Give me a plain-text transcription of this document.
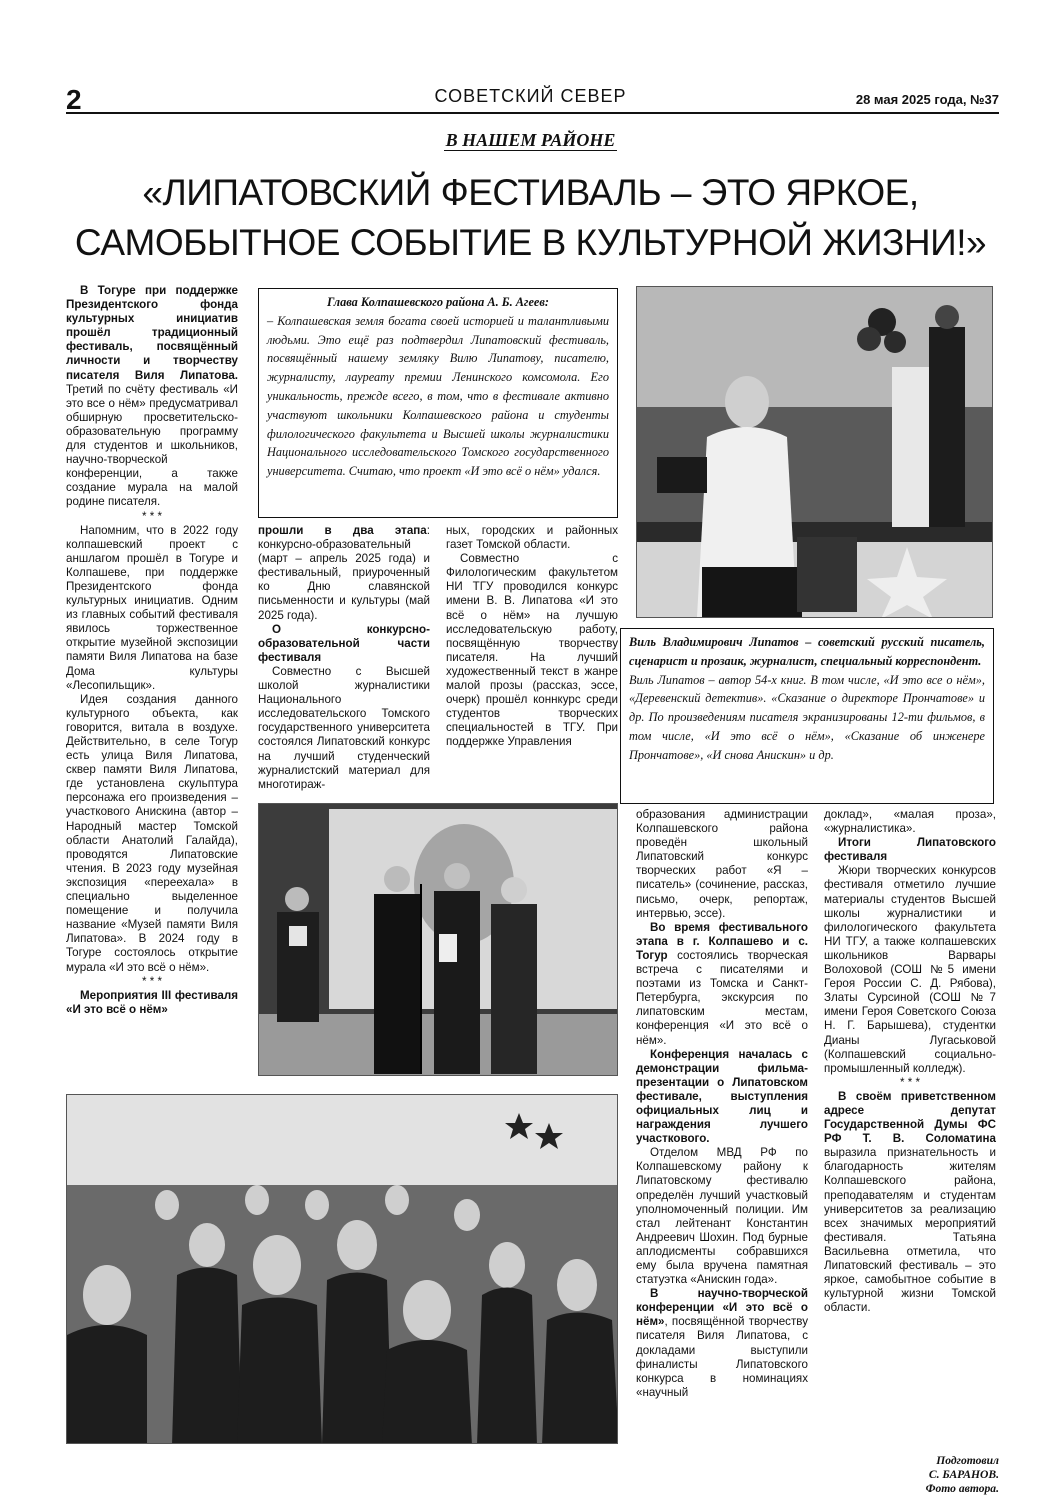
2	СОВЕТСКИЙ СЕВЕР	28 мая 2025 года, №37
В НАШЕМ РАЙОНЕ
«ЛИПАТОВСКИЙ ФЕСТИВАЛЬ – ЭТО ЯРКОЕ, САМОБЫТНОЕ СОБЫТИЕ В КУЛЬТУРНОЙ ЖИЗНИ!»

В Тогуре при поддержке Президентского фонда культурных инициатив прошёл традиционный фестиваль, посвящённый личности и творчеству писателя Виля Липатова. Третий по счёту фестиваль «И это все о нём» предусматривал обширную просветительско-образовательную программу для студентов и школьников, научно-творческой конференции, а также создание мурала на малой родине писателя.

* * *

Напомним, что в 2022 году колпашевский проект с аншлагом прошёл в Тогуре и Колпашеве, при поддержке Президентского фонда культурных инициатив. Одним из главных событий фестиваля явилось торжественное открытие музейной экспозиции памяти Виля Липатова на базе Дома культуры «Лесопильщик».

Идея создания данного культурного объекта, как говорится, витала в воздухе. Действительно, в селе Тогур есть улица Виля Липатова, сквер памяти Виля Липатова, где установлена скульптура персонажа его произведения – участкового Анискина (автор – Народный мастер Томской области Анатолий Галайда), проводятся Липатовские чтения. В 2023 году музейная экспозиция «переехала» в специально выделенное помещение и получила название «Музей памяти Виля Липатова». В 2024 году в Тогуре состоялось открытие мурала «И это всё о нём».

* * *

Мероприятия III фестиваля «И это всё о нём»

Глава Колпашевского района А. Б. Агеев:

– Колпашевская земля богата своей историей и талантливыми людьми. Это ещё раз подтвердил Липатовский фестиваль, посвящённый нашему земляку Вилю Липатову, писателю, журналисту, лауреату премии Ленинского комсомола. Его уникальность, прежде всего, в том, что в фестивале активно участвуют школьники Колпашевского района и студенты филологического факультета и Высшей школы журналистики Национального исследовательского Томского государственного университета. Считаю, что проект «И это всё о нём» удался.

прошли в два этапа: конкурсно-образовательный (март – апрель 2025 года) и фестивальный, приуроченный ко Дню славянской письменности и культуры (май 2025 года).

О конкурсно-образовательной части фестиваля

Совместно с Высшей школой журналистики Национального исследовательского Томского государственного университета состоялся Липатовский конкурс на лучший студенческий журналистский материал для многотираж-

ных, городских и районных газет Томской области.

Совместно с Филологическим факультетом НИ ТГУ проводился конкурс имени В. В. Липатова «И это всё о нём» на лучшую исследовательскую работу, посвящённую творчеству писателя. На лучший художественный текст в жанре малой прозы (рассказ, эссе, очерк) прошёл коннкурс среди студентов творческих специальностей в ТГУ. При поддержке Управления

Виль Владимирович Липатов – советский русский писатель, сценарист и прозаик, журналист, специальный корреспондент.

Виль Липатов – автор 54-х книг. В том числе, «И это все о нём», «Деревенский детектив». «Сказание о директоре Прончатове» и др. По произведениям писателя экранизированы 12-ти фильмов, в том числе, «И это всё о нём», «Сказание об инженере Прончатове», «И снова Анискин» и др.

образования администрации Колпашевского района проведён школьный Липатовский конкурс творческих работ «Я – писатель» (сочинение, рассказ, письмо, очерк, репортаж, интервью, эссе).

Во время фестивального этапа в г. Колпашево и с. Тогур состоялись творческая встреча с писателями и поэтами из Томска и Санкт-Петербурга, экскурсия по липатовским местам, конференция «И это всё о нём».

Конференция началась с демонстрации фильма-презентации о Липатовском фестивале, выступления официальных лиц и награждения лучшего участкового.

Отделом МВД РФ по Колпашевскому району к Липатовскому фестивалю определён лучший участковый уполномоченный полиции. Им стал лейтенант Константин Андреевич Шохин. Под бурные аплодисменты собравшихся ему была вручена памятная статуэтка «Анискин года».

В научно-творческой конференции «И это всё о нём», посвящённой творчеству писателя Виля Липатова, с докладами выступили финалисты Липатовского конкурса в номинациях «научный

доклад», «малая проза», «журналистика».

Итоги Липатовского фестиваля

Жюри творческих конкурсов фестиваля отметило лучшие материалы студентов Высшей школы журналистики и филологического факультета НИ ТГУ, а также колпашевских школьников Варвары Волоховой (СОШ №5 имени Героя России С. Д. Рябова), Златы Сурсиной (СОШ №7 имени Героя Советского Союза Н. Г. Барышева), студентки Дианы Лугаськовой (Колпашевский социально-промышленный колледж).

* * *

В своём приветственном адресе депутат Государственной Думы ФС РФ Т. В. Соломатина выразила признательность и благодарность жителям Колпашевского района, преподавателям и студентам университетов за реализацию всех значимых мероприятий фестиваля. Татьяна Васильевна отметила, что Липатовский фестиваль – это яркое, самобытное событие в культурной жизни Томской области.

Подготовил
С. БАРАНОВ.
Фото автора.
